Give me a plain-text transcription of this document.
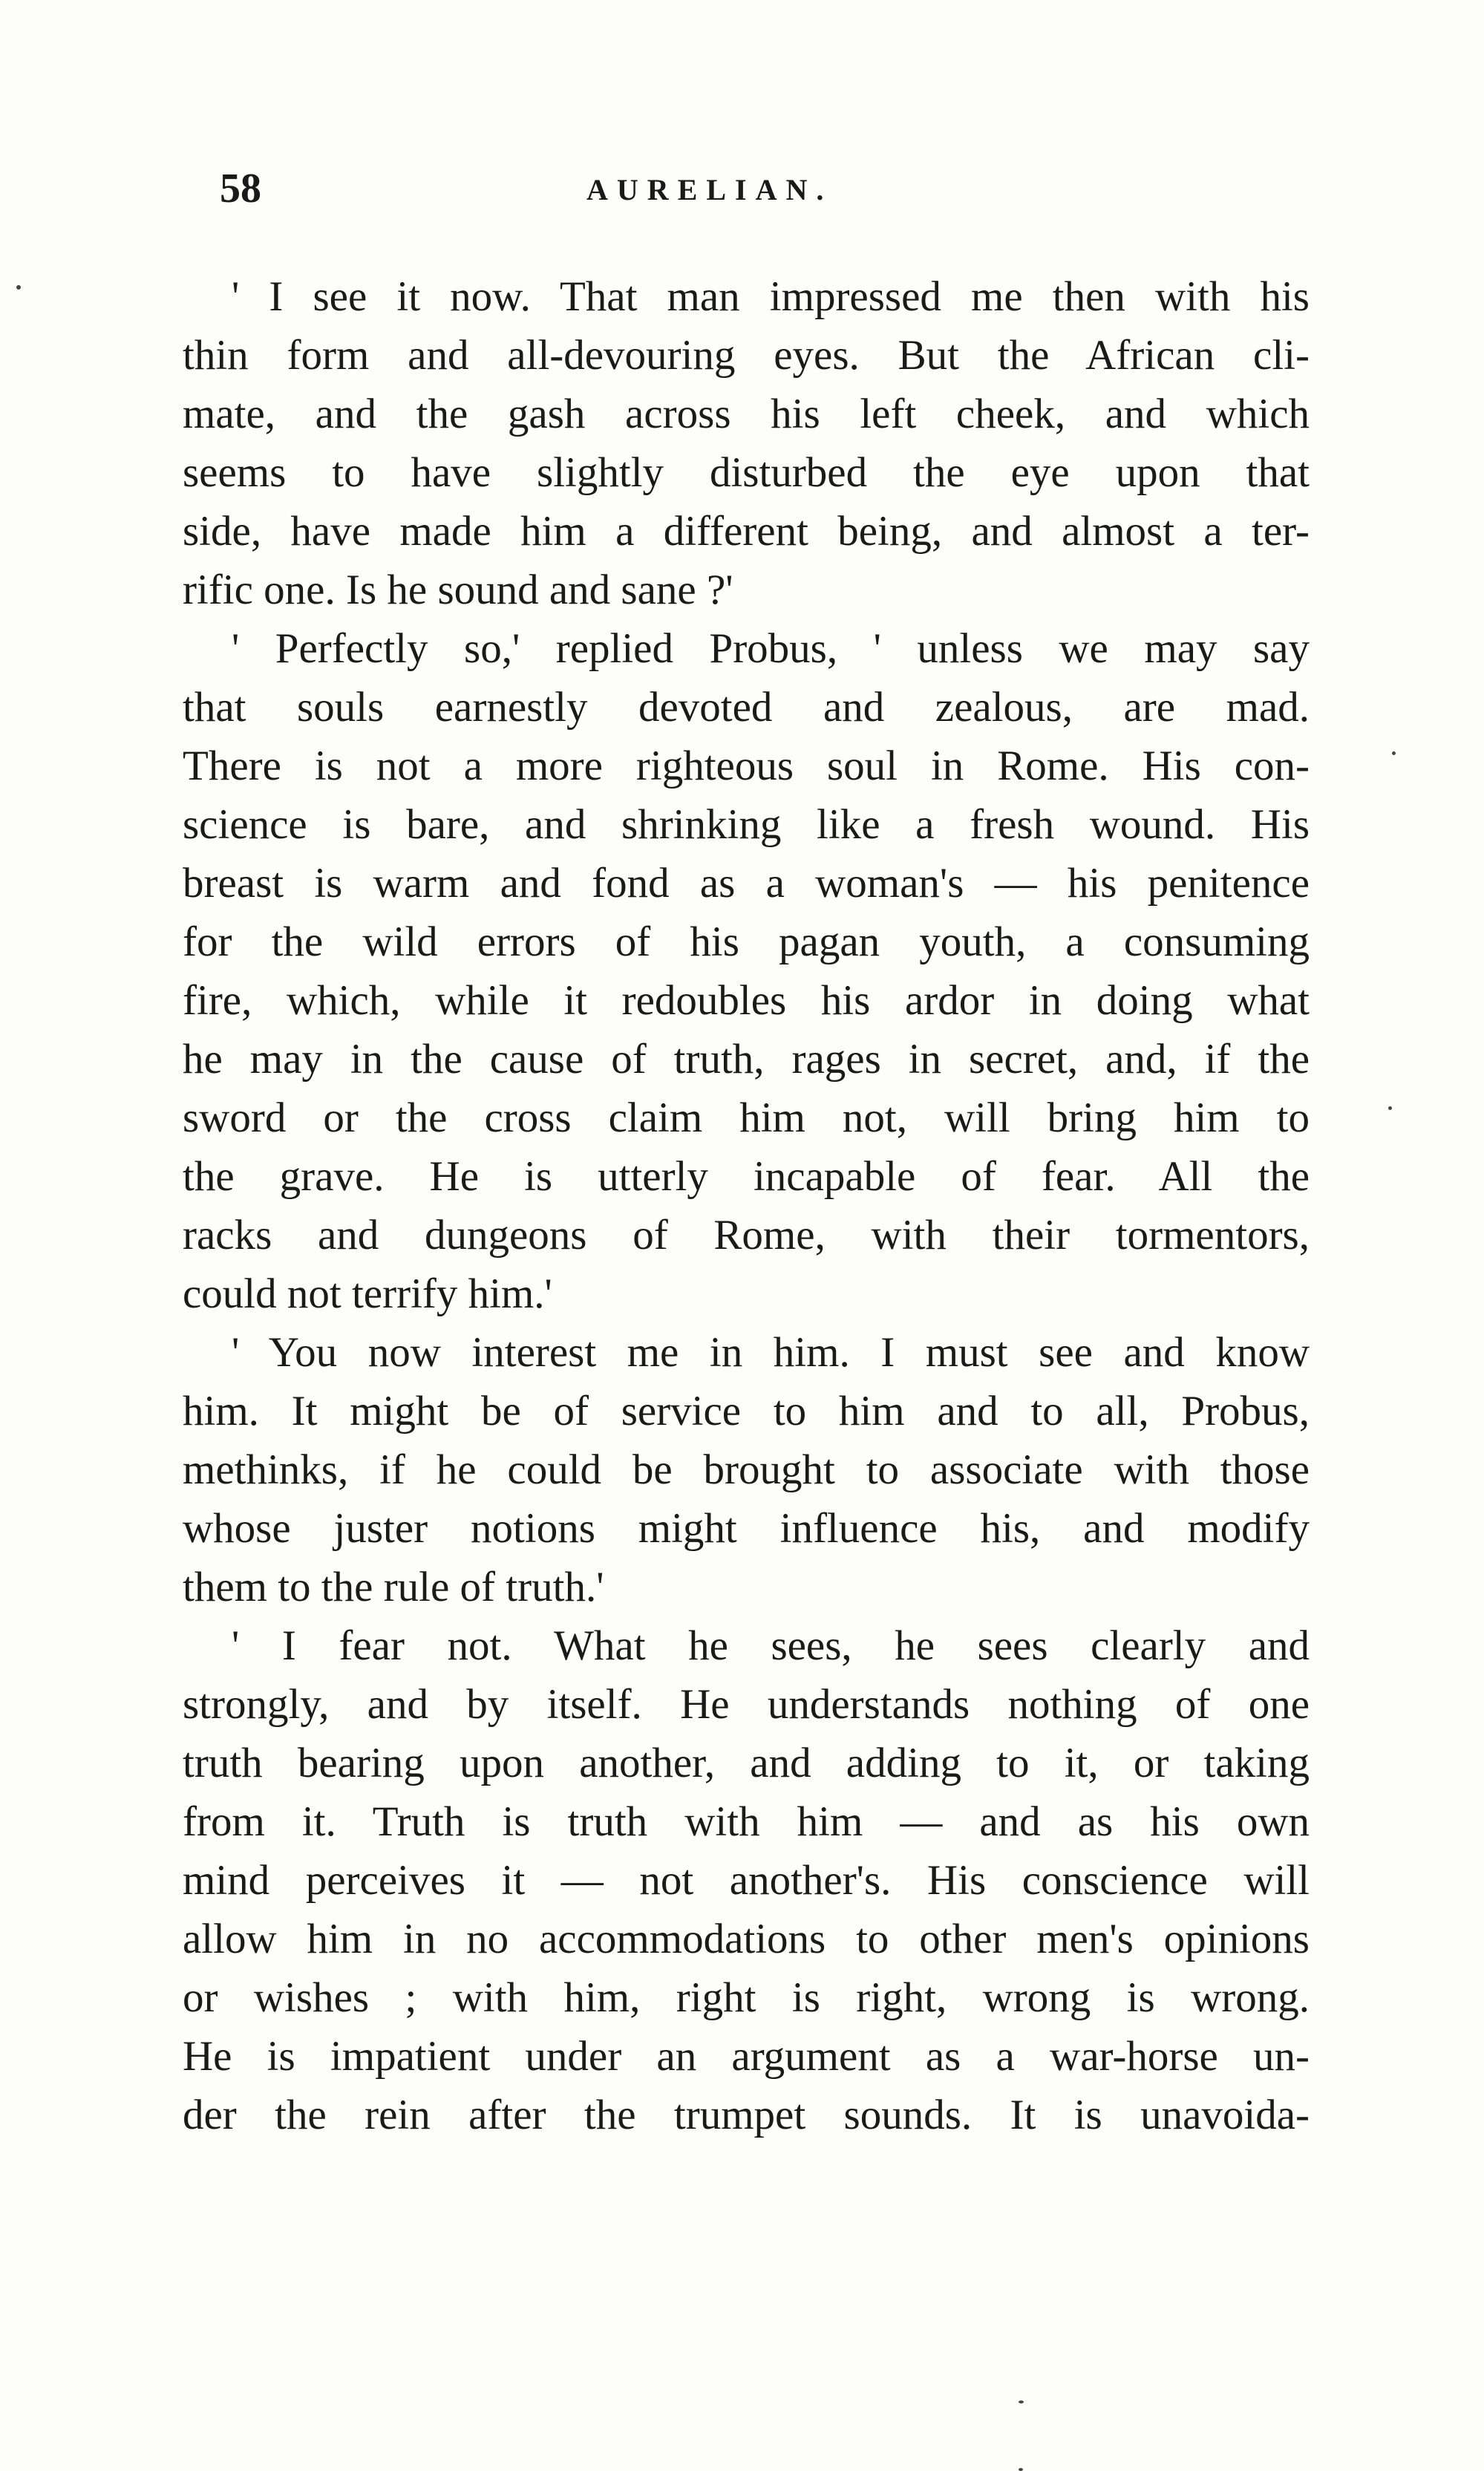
58	AURELIAN.
' I see it now. That man impressed me then with his
thin form and all-devouring eyes. But the African cli-
mate, and the gash across his left cheek, and which
seems to have slightly disturbed the eye upon that
side, have made him a different being, and almost a ter-
rific one. Is he sound and sane ?'
' Perfectly so,' replied Probus, ' unless we may say
that souls earnestly devoted and zealous, are mad.
There is not a more righteous soul in Rome. His con-
science is bare, and shrinking like a fresh wound. His
breast is warm and fond as a woman's — his penitence
for the wild errors of his pagan youth, a consuming
fire, which, while it redoubles his ardor in doing what
he may in the cause of truth, rages in secret, and, if the
sword or the cross claim him not, will bring him to
the grave. He is utterly incapable of fear. All the
racks and dungeons of Rome, with their tormentors,
could not terrify him.'
' You now interest me in him. I must see and know
him. It might be of service to him and to all, Probus,
methinks, if he could be brought to associate with those
whose juster notions might influence his, and modify
them to the rule of truth.'
' I fear not. What he sees, he sees clearly and
strongly, and by itself. He understands nothing of one
truth bearing upon another, and adding to it, or taking
from it. Truth is truth with him — and as his own
mind perceives it — not another's. His conscience will
allow him in no accommodations to other men's opinions
or wishes ; with him, right is right, wrong is wrong.
He is impatient under an argument as a war-horse un-
der the rein after the trumpet sounds. It is unavoida-
